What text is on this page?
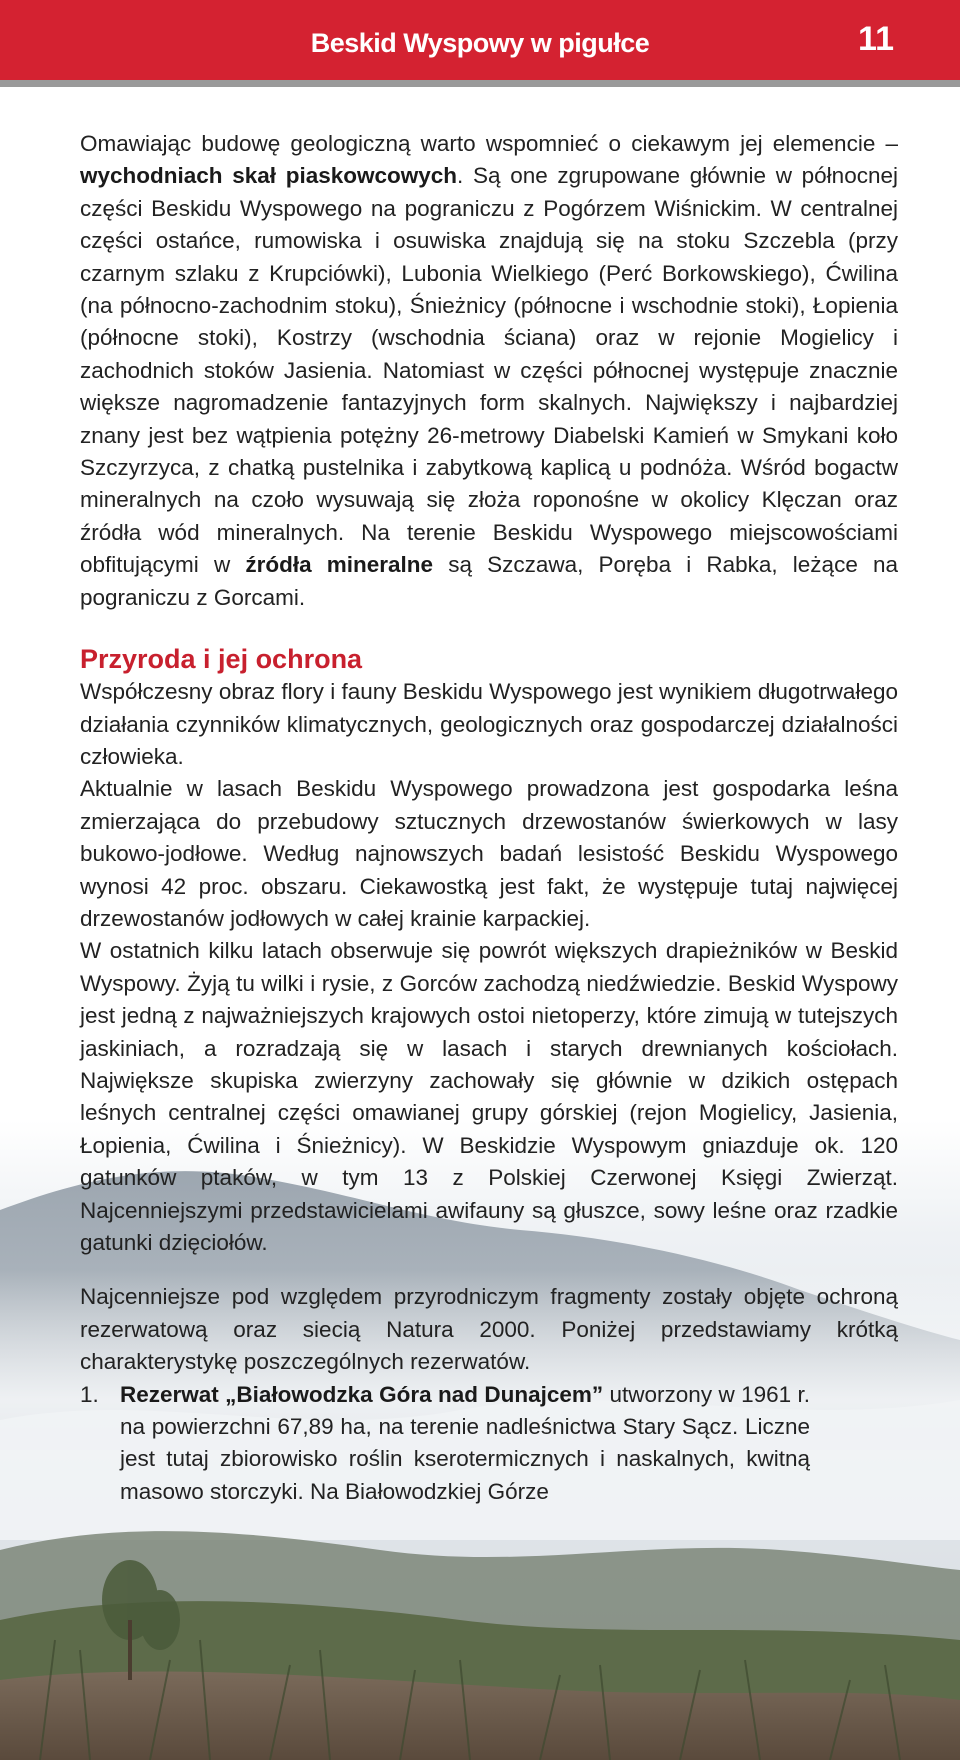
Beskid Wyspowy w pigułce	11

Omawiając budowę geologiczną warto wspomnieć o ciekawym jej elemencie – wychodniach skał piaskowcowych. Są one zgrupowane głównie w północnej części Beskidu Wyspowego na pograniczu z Pogórzem Wiśnickim. W centralnej części ostańce, rumowiska i osuwiska znajdują się na stoku Szczebla (przy czarnym szlaku z Krupciówki), Lubonia Wielkiego (Perć Borkowskiego), Ćwilina (na północno-zachodnim stoku), Śnieżnicy (północne i wschodnie stoki), Łopienia (północne stoki), Kostrzy (wschodnia ściana) oraz w rejonie Mogielicy i zachodnich stoków Jasienia. Natomiast w części północnej występuje znacznie większe nagromadzenie fantazyjnych form skalnych. Największy i najbardziej znany jest bez wątpienia potężny 26-metrowy Diabelski Kamień w Smykani koło Szczyrzyca, z chatką pustelnika i zabytkową kaplicą u podnóża. Wśród bogactw mineralnych na czoło wysuwają się złoża roponośne w okolicy Klęczan oraz źródła wód mineralnych. Na terenie Beskidu Wyspowego miejscowościami obfitującymi w źródła mineralne są Szczawa, Poręba i Rabka, leżące na pograniczu z Gorcami.

Przyroda i jej ochrona

Współczesny obraz flory i fauny Beskidu Wyspowego jest wynikiem długotrwałego działania czynników klimatycznych, geologicznych oraz gospodarczej działalności człowieka.

Aktualnie w lasach Beskidu Wyspowego prowadzona jest gospodarka leśna zmierzająca do przebudowy sztucznych drzewostanów świerkowych w lasy bukowo-jodłowe. Według najnowszych badań lesistość Beskidu Wyspowego wynosi 42 proc. obszaru. Ciekawostką jest fakt, że występuje tutaj najwięcej drzewostanów jodłowych w całej krainie karpackiej.

W ostatnich kilku latach obserwuje się powrót większych drapieżników w Beskid Wyspowy. Żyją tu wilki i rysie, z Gorców zachodzą niedźwiedzie. Beskid Wyspowy jest jedną z najważniejszych krajowych ostoi nietoperzy, które zimują w tutejszych jaskiniach, a rozradzają się w lasach i starych drewnianych kościołach. Największe skupiska zwierzyny zachowały się głównie w dzikich ostępach leśnych centralnej części omawianej grupy górskiej (rejon Mogielicy, Jasienia, Łopienia, Ćwilina i Śnieżnicy). W Beskidzie Wyspowym gniazduje ok. 120 gatunków ptaków, w tym 13 z Polskiej Czerwonej Księgi Zwierząt. Najcenniejszymi przedstawicielami awifauny są głuszce, sowy leśne oraz rzadkie gatunki dzięciołów.

Najcenniejsze pod względem przyrodniczym fragmenty zostały objęte ochroną rezerwatową oraz siecią Natura 2000. Poniżej przedstawiamy krótką charakterystykę poszczególnych rezerwatów.

1. Rezerwat „Białowodzka Góra nad Dunajcem” utworzony w 1961 r. na powierzchni 67,89 ha, na terenie nadleśnictwa Stary Sącz. Liczne jest tutaj zbiorowisko roślin kserotermicznych i naskalnych, kwitną masowo storczyki. Na Białowodzkiej Górze
